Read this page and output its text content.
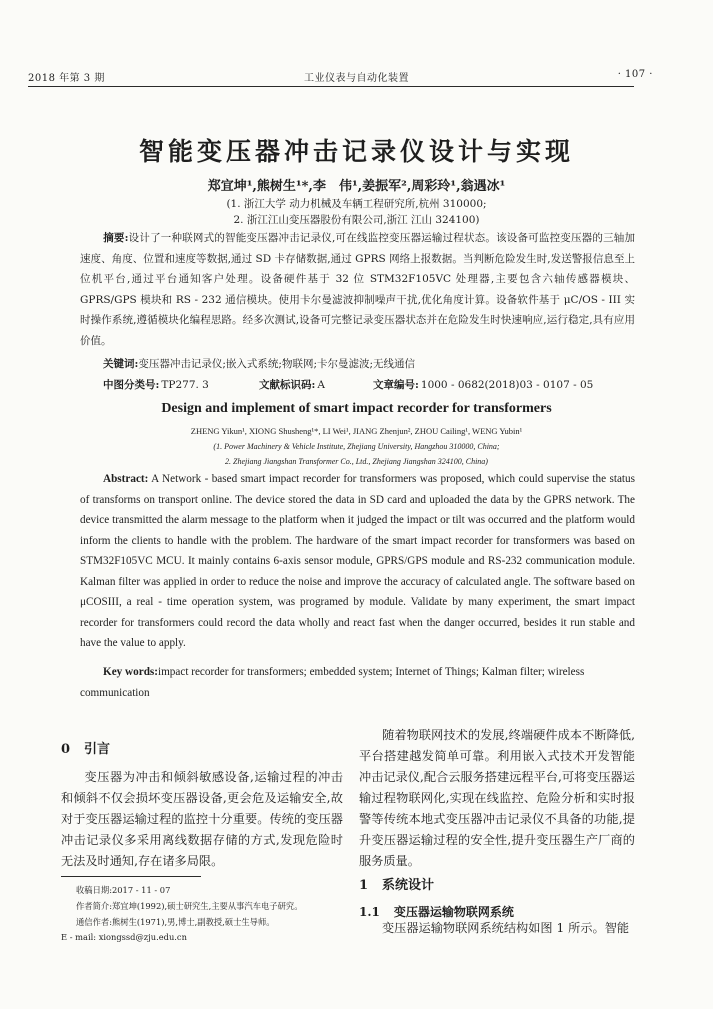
2018 年第 3 期	工业仪表与自动化装置	· 107 ·
智能变压器冲击记录仪设计与实现
郑宜坤¹,熊树生¹*,李　伟¹,姜振军²,周彩玲¹,翁遇冰¹
(1. 浙江大学 动力机械及车辆工程研究所,杭州 310000;
2. 浙江江山变压器股份有限公司,浙江 江山 324100)

摘要:设计了一种联网式的智能变压器冲击记录仪,可在线监控变压器运输过程状态。该设备可监控变压器的三轴加速度、角度、位置和速度等数据,通过 SD 卡存储数据,通过 GPRS 网络上报数据。当判断危险发生时,发送警报信息至上位机平台,通过平台通知客户处理。设备硬件基于 32 位 STM32F105VC 处理器,主要包含六轴传感器模块、GPRS/GPS 模块和 RS - 232 通信模块。使用卡尔曼滤波抑制噪声干扰,优化角度计算。设备软件基于 μC/OS - III 实时操作系统,遵循模块化编程思路。经多次测试,设备可完整记录变压器状态并在危险发生时快速响应,运行稳定,具有应用价值。

关键词:变压器冲击记录仪;嵌入式系统;物联网;卡尔曼滤波;无线通信
中图分类号: TP277. 3	文献标识码: A	文章编号: 1000 - 0682(2018)03 - 0107 - 05
Design and implement of smart impact recorder for transformers
ZHENG Yikun¹, XIONG Shusheng¹*, LI Wei¹, JIANG Zhenjun², ZHOU Cailing¹, WENG Yubin¹
(1. Power Machinery & Vehicle Institute, Zhejiang University, Hangzhou 310000, China;
2. Zhejiang Jiangshan Transformer Co., Ltd., Zhejiang Jiangshan 324100, China)

Abstract: A Network - based smart impact recorder for transformers was proposed, which could supervise the status of transforms on transport online. The device stored the data in SD card and uploaded the data by the GPRS network. The device transmitted the alarm message to the platform when it judged the impact or tilt was occurred and the platform would inform the clients to handle with the problem. The hardware of the smart impact recorder for transformers was based on STM32F105VC MCU. It mainly contains 6-axis sensor module, GPRS/GPS module and RS-232 communication module. Kalman filter was applied in order to reduce the noise and improve the accuracy of calculated angle. The software based on μCOSIII, a real - time operation system, was programed by module. Validate by many experiment, the smart impact recorder for transformers could record the data wholly and react fast when the danger occurred, besides it run stable and have the value to apply.

Key words:impact recorder for transformers; embedded system; Internet of Things; Kalman filter; wireless communication

0 引言

变压器为冲击和倾斜敏感设备,运输过程的冲击和倾斜不仅会损坏变压器设备,更会危及运输安全,故对于变压器运输过程的监控十分重要。传统的变压器冲击记录仪多采用离线数据存储的方式,发现危险时无法及时通知,存在诸多局限。

随着物联网技术的发展,终端硬件成本不断降低,平台搭建越发简单可靠。利用嵌入式技术开发智能冲击记录仪,配合云服务搭建远程平台,可将变压器运输过程物联网化,实现在线监控、危险分析和实时报警等传统本地式变压器冲击记录仪不具备的功能,提升变压器运输过程的安全性,提升变压器生产厂商的服务质量。

1 系统设计
1.1 变压器运输物联网系统

变压器运输物联网系统结构如图 1 所示。智能

收稿日期:2017 - 11 - 07
作者简介:郑宜坤(1992),硕士研究生,主要从事汽车电子研究。
通信作者:熊树生(1971),男,博士,副教授,硕士生导师。
E - mail: xiongssd@zju.edu.cn
